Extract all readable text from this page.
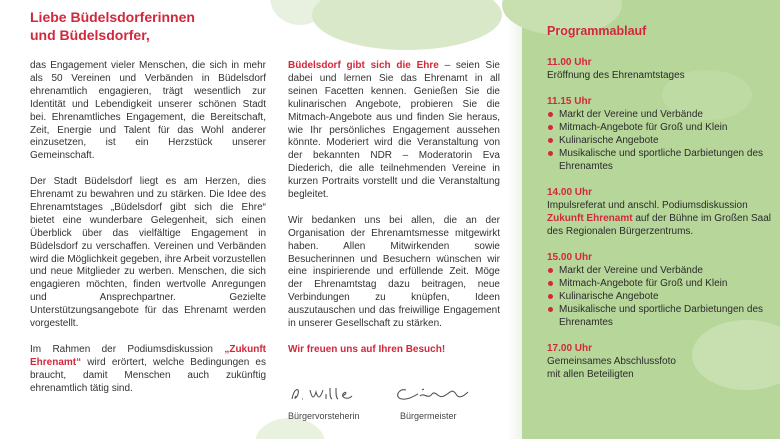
Liebe Büdelsdorferinnen
und Büdelsdorfer,

das Engagement vieler Menschen, die sich in mehr als 50 Vereinen und Verbänden in Büdelsdorf ehrenamtlich engagieren, trägt wesentlich zur Identität und Lebendigkeit unserer schönen Stadt bei. Ehrenamtliches Engagement, die Bereitschaft, Zeit, Energie und Talent für das Wohl anderer einzusetzen, ist ein Herzstück unserer Gemeinschaft.

Der Stadt Büdelsdorf liegt es am Herzen, dies Ehrenamt zu bewahren und zu stärken. Die Idee des Ehrenamtstages „Büdelsdorf gibt sich die Ehre“ bietet eine wunderbare Gelegenheit, sich einen Überblick über das vielfältige Engagement in Büdelsdorf zu verschaffen. Vereinen und Verbänden wird die Möglichkeit gegeben, ihre Arbeit vorzustellen und neue Mitglieder zu werben. Menschen, die sich engagieren möchten, finden wertvolle Anregungen und Ansprechpartner. Gezielte Unterstützungsangebote für das Ehrenamt werden vorgestellt.

Im Rahmen der Podiumsdiskussion „Zukunft Ehrenamt“ wird erörtert, welche Bedingungen es braucht, damit Menschen auch zukünftig ehrenamtlich tätig sind.

Büdelsdorf gibt sich die Ehre – seien Sie dabei und lernen Sie das Ehrenamt in all seinen Facetten kennen. Genießen Sie die kulinarischen Angebote, probieren Sie die Mitmach-Angebote aus und finden Sie heraus, wie Ihr persönliches Engagement aussehen könnte. Moderiert wird die Veranstaltung von der bekannten NDR – Moderatorin Eva Diederich, die alle teilnehmenden Vereine in kurzen Portraits vorstellt und die Veranstaltung begleitet.

Wir bedanken uns bei allen, die an der Organisation der Ehrenamtsmesse mitgewirkt haben. Allen Mitwirkenden sowie Besucherinnen und Besuchern wünschen wir eine inspirierende und erfüllende Zeit. Möge der Ehrenamtstag dazu beitragen, neue Verbindungen zu knüpfen, Ideen auszutauschen und das freiwillige Engagement in unserer Gesellschaft zu stärken.

Wir freuen uns auf Ihren Besuch!

Bürgervorsteherin	Bürgermeister
Programmablauf
11.00 Uhr
Eröffnung des Ehrenamtstages
11.15 Uhr
Markt der Vereine und Verbände
Mitmach-Angebote für Groß und Klein
Kulinarische Angebote
Musikalische und sportliche Darbietungen des Ehrenamtes
14.00 Uhr
Impulsreferat und anschl. Podiumsdiskussion
Zukunft Ehrenamt auf der Bühne im Großen Saal des Regionalen Bürgerzentrums.
15.00 Uhr
Markt der Vereine und Verbände
Mitmach-Angebote für Groß und Klein
Kulinarische Angebote
Musikalische und sportliche Darbietungen des Ehrenamtes
17.00 Uhr
Gemeinsames Abschlussfoto
mit allen Beteiligten
